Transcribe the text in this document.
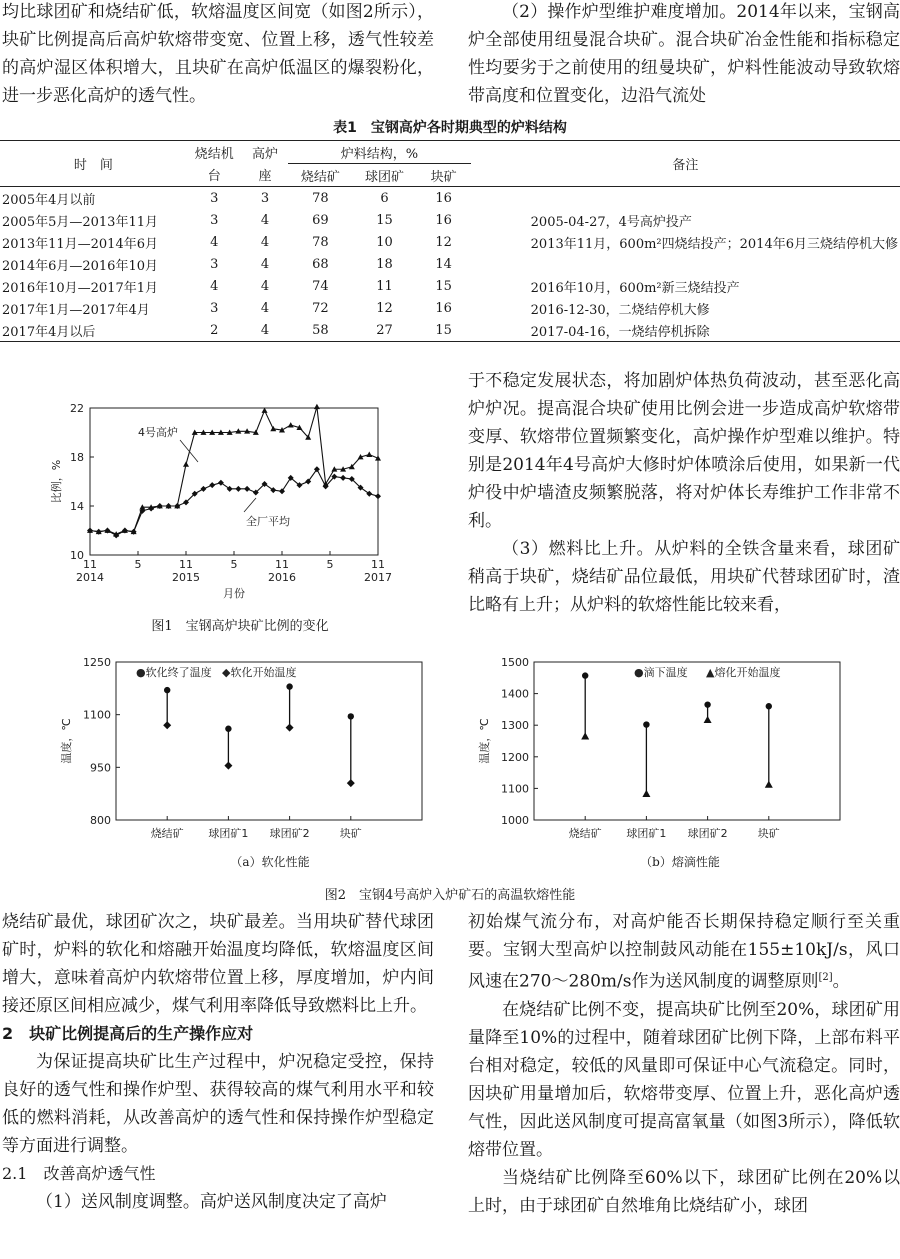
均比球团矿和烧结矿低，软熔温度区间宽（如图2所示），块矿比例提高后高炉软熔带变宽、位置上移，透气性较差的高炉湿区体积增大，且块矿在高炉低温区的爆裂粉化，进一步恶化高炉的透气性。

（2）操作炉型维护难度增加。2014年以来，宝钢高炉全部使用纽曼混合块矿。混合块矿冶金性能和指标稳定性均要劣于之前使用的纽曼块矿，炉料性能波动导致软熔带高度和位置变化，边沿气流处

表1　宝钢高炉各时期典型的炉料结构
时　间	烧结机	高炉	炉料结构，%			备注
	台	座	烧结矿	球团矿	块矿	
2005年4月以前	3	3	78	6	16	
2005年5月—2013年11月	3	4	69	15	16	2005-04-27，4号高炉投产
2013年11月—2014年6月	4	4	78	10	12	2013年11月，600m²四烧结投产；2014年6月三烧结停机大修
2014年6月—2016年10月	3	4	68	18	14	
2016年10月—2017年1月	4	4	74	11	15	2016年10月，600m²新三烧结投产
2017年1月—2017年4月	3	4	72	12	16	2016-12-30，二烧结停机大修
2017年4月以后	2	4	58	27	15	2017-04-16，一烧结停机拆除
10
14
18
22
11
2014
5	11
2015
5	11
2016
5	11
2017
比例，%
月份
4号高炉
全厂平均
图1　宝钢高炉块矿比例的变化

于不稳定发展状态，将加剧炉体热负荷波动，甚至恶化高炉炉况。提高混合块矿使用比例会进一步造成高炉软熔带变厚、软熔带位置频繁变化，高炉操作炉型难以维护。特别是2014年4号高炉大修时炉体喷涂后使用，如果新一代炉役中炉墙渣皮频繁脱落，将对炉体长寿维护工作非常不利。

（3）燃料比上升。从炉料的全铁含量来看，球团矿稍高于块矿，烧结矿品位最低，用块矿代替球团矿时，渣比略有上升；从炉料的软熔性能比较来看，

800
950
1100
1250
烧结矿 球团矿1 球团矿2	块矿
●软化终了温度 ◆软化开始温度
温度，℃
（a）软化性能
1000
1100
1200
1300
1400
1500
烧结矿 球团矿1 球团矿2	块矿
●滴下温度 ▲熔化开始温度
温度，℃
（b）熔滴性能
图2　宝钢4号高炉入炉矿石的高温软熔性能

烧结矿最优，球团矿次之，块矿最差。当用块矿替代球团矿时，炉料的软化和熔融开始温度均降低，软熔温度区间增大，意味着高炉内软熔带位置上移，厚度增加，炉内间接还原区间相应减少，煤气利用率降低导致燃料比上升。

2　块矿比例提高后的生产操作应对

为保证提高块矿比生产过程中，炉况稳定受控，保持良好的透气性和操作炉型、获得较高的煤气利用水平和较低的燃料消耗，从改善高炉的透气性和保持操作炉型稳定等方面进行调整。

2.1　改善高炉透气性

（1）送风制度调整。高炉送风制度决定了高炉

初始煤气流分布，对高炉能否长期保持稳定顺行至关重要。宝钢大型高炉以控制鼓风动能在155±10kJ/s，风口风速在270～280m/s作为送风制度的调整原则[2]。

在烧结矿比例不变，提高块矿比例至20%，球团矿用量降至10%的过程中，随着球团矿比例下降，上部布料平台相对稳定，较低的风量即可保证中心气流稳定。同时，因块矿用量增加后，软熔带变厚、位置上升，恶化高炉透气性，因此送风制度可提高富氧量（如图3所示），降低软熔带位置。

当烧结矿比例降至60%以下，球团矿比例在20%以上时，由于球团矿自然堆角比烧结矿小，球团
